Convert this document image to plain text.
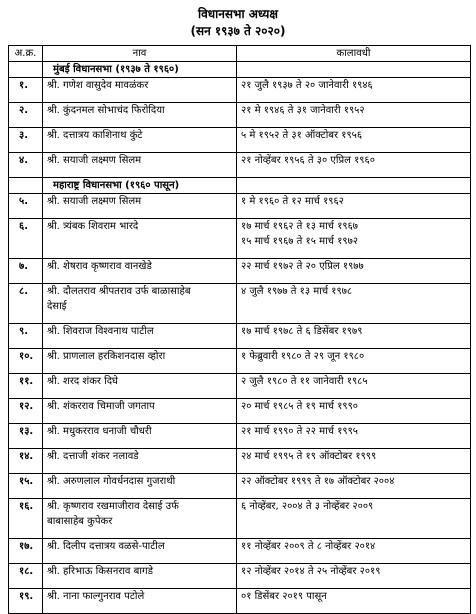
विधानसभा अध्यक्ष
(सन १९३७ ते २०२०)
अ.क्र.	नाव	कालावधी
	मुंबई विधानसभा (१९३७ ते १९६०)	
१.	श्री. गणेश वासुदेव मावळंकर	२१ जुलै १९३७ ते २० जानेवारी १९४६

२.	श्री. कुंदनमल सोभाचंद फिरोदिया	२१ मे १९४६ ते ३१ जानेवारी १९५२

३.	श्री. दत्तात्रय काशिनाथ कुंटे	५ मे १९५२ ते ३१ ऑक्टोबर १९५६

४.	श्री. सयाजी लक्ष्मण सिलम	२१ नोव्हेंबर १९५६ ते ३० एप्रिल १९६०

	महाराष्ट्र विधानसभा (१९६० पासून)	
५.	श्री. सयाजी लक्ष्मण सिलम	१ मे १९६० ते १२ मार्च १९६२

६.	श्री. त्र्यंबक शिवराम भारदे	१७ मार्च १९६२ ते १३ मार्च १९६७
१५ मार्च १९६७ ते १५ मार्च १९७२

७.	श्री. शेषराव कृष्णराव वानखेडे	२२ मार्च १९७२ ते २० एप्रिल १९७७

८.	श्री. दौलतराव श्रीपतराव उर्फ बाळासाहेब
देसाई	४ जुलै १९७७ ते १३ मार्च १९७८

९.	श्री. शिवराज विश्वनाथ पाटील	१७ मार्च १९७८ ते ६ डिसेंबर १९७९

१०.	श्री. प्राणलाल हरकिशनदास व्होरा	१ फेब्रुवारी १९८० ते २९ जून १९८०

११.	श्री. शरद शंकर दिघे	२ जुलै १९८० ते ११ जानेवारी १९८५

१२.	श्री. शंकरराव चिमाजी जगताप	२० मार्च १९८५ ते १९ मार्च १९९०

१३.	श्री. मधुकरराव धनाजी चौधरी	२१ मार्च १९९० ते २२ मार्च १९९५

१४.	श्री. दत्ताजी शंकर नलावडे	२४ मार्च १९९५ ते १९ ऑक्टोबर १९९९

१५.	श्री. अरुणलाल गोवर्धनदास गुजराथी	२२ ऑक्टोबर १९९९ ते १७ ऑक्टोबर २००४

१६.	श्री. कृष्णराव रखमाजीराव देसाई उर्फ
बाबासाहेब कुपेकर	६ नोव्हेंबर, २००४ ते ३ नोव्हेंबर २००९

१७.	श्री. दिलीप दत्तात्रय वळसे-पाटील	११ नोव्हेंबर २००९ ते ८ नोव्हेंबर २०१४

१८.	श्री. हरिभाऊ किसनराव बागडे	१२ नोव्हेंबर २०१४ ते २५ नोव्हेंबर २०१९

१९.	श्री. नाना फाल्गुनराव पटोले	०१ डिसेंबर २०१९ पासून
